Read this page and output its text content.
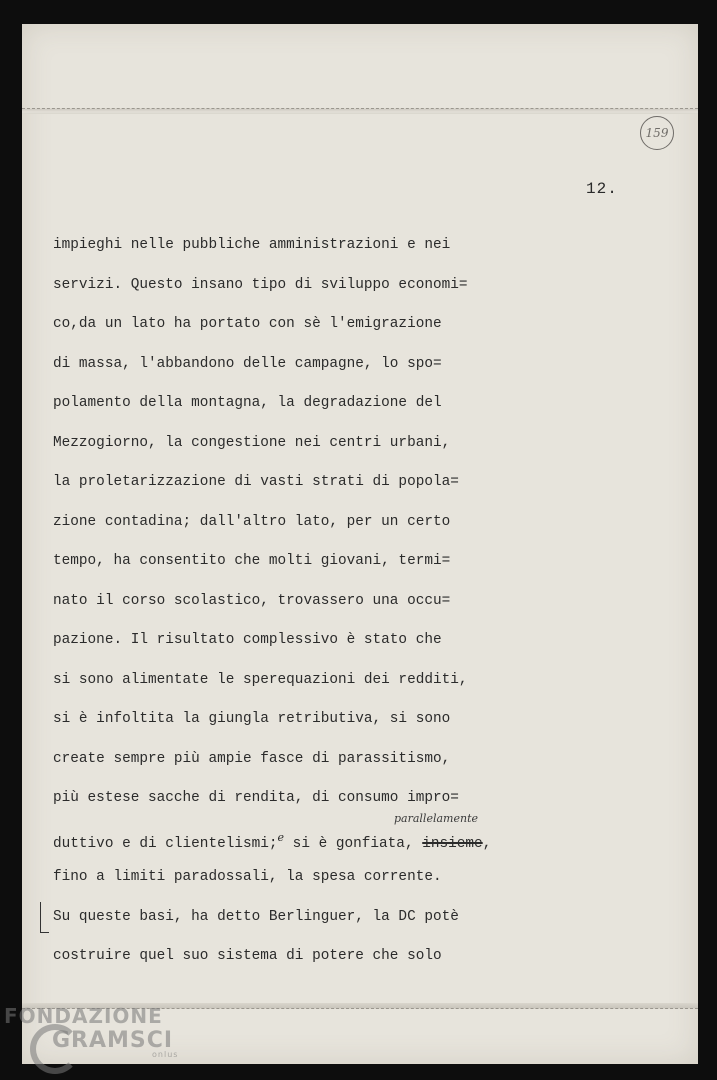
159
12.
impieghi nelle pubbliche amministrazioni e nei
servizi. Questo insano tipo di sviluppo economi=
co,da un lato ha portato con sè l'emigrazione
di massa, l'abbandono delle campagne, lo spo=
polamento della montagna, la degradazione del
Mezzogiorno, la congestione nei centri urbani,
la proletarizzazione di vasti strati di popola=
zione contadina; dall'altro lato, per un certo
tempo, ha consentito che molti giovani, termi=
nato il corso scolastico, trovassero una occu=
pazione. Il risultato complessivo è stato che
si sono alimentate le sperequazioni dei redditi,
si è infoltita la giungla retributiva, si sono
create sempre più ampie fasce di parassitismo,
più estese sacche di rendita, di consumo impro=
duttivo e di clientelismi;$^e$ si è gonfiata, insieme,
fino a limiti paradossali, la spesa corrente.
Su queste basi, ha detto Berlinguer, la DC potè
costruire quel suo sistema di potere che solo
parallelamente
FONDAZIONE
GRAMSCI
onlus
